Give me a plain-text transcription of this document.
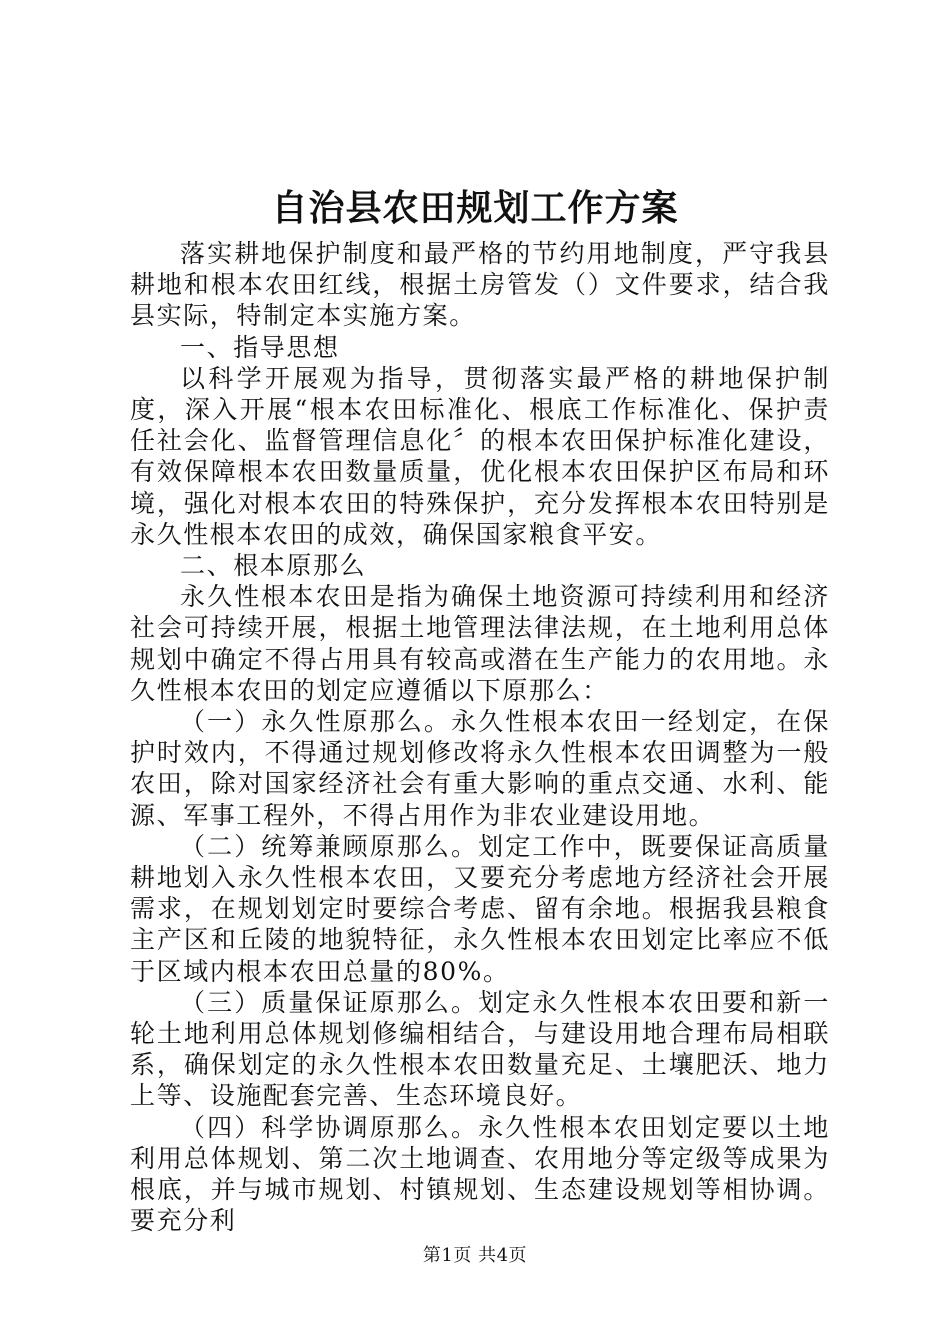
自治县农田规划工作方案

落实耕地保护制度和最严格的节约用地制度，严守我县耕地和根本农田红线，根据土房管发（）文件要求，结合我县实际，特制定本实施方案。

一、指导思想

以科学开展观为指导，贯彻落实最严格的耕地保护制度，深入开展“根本农田标准化、根底工作标准化、保护责任社会化、监督管理信息化〞的根本农田保护标准化建设，有效保障根本农田数量质量，优化根本农田保护区布局和环境，强化对根本农田的特殊保护，充分发挥根本农田特别是永久性根本农田的成效，确保国家粮食平安。

二、根本原那么

永久性根本农田是指为确保土地资源可持续利用和经济社会可持续开展，根据土地管理法律法规，在土地利用总体规划中确定不得占用具有较高或潜在生产能力的农用地。永久性根本农田的划定应遵循以下原那么：

（一）永久性原那么。永久性根本农田一经划定，在保护时效内，不得通过规划修改将永久性根本农田调整为一般农田，除对国家经济社会有重大影响的重点交通、水利、能源、军事工程外，不得占用作为非农业建设用地。

（二）统筹兼顾原那么。划定工作中，既要保证高质量耕地划入永久性根本农田，又要充分考虑地方经济社会开展需求，在规划划定时要综合考虑、留有余地。根据我县粮食主产区和丘陵的地貌特征，永久性根本农田划定比率应不低于区域内根本农田总量的80%。

（三）质量保证原那么。划定永久性根本农田要和新一轮土地利用总体规划修编相结合，与建设用地合理布局相联系，确保划定的永久性根本农田数量充足、土壤肥沃、地力上等、设施配套完善、生态环境良好。

（四）科学协调原那么。永久性根本农田划定要以土地利用总体规划、第二次土地调查、农用地分等定级等成果为根底，并与城市规划、村镇规划、生态建设规划等相协调。要充分利

第1页 共4页
